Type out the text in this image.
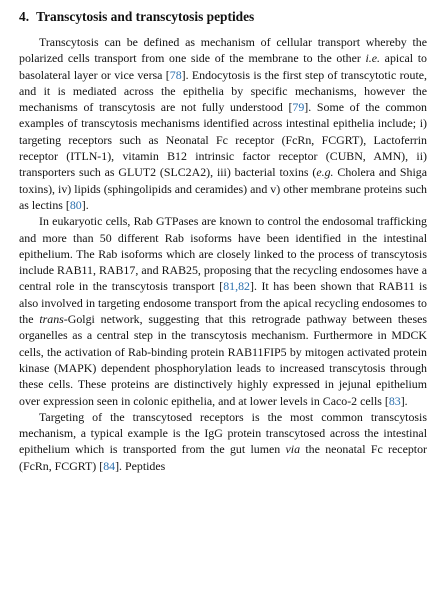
4. Transcytosis and transcytosis peptides

Transcytosis can be defined as mechanism of cellular transport whereby the polarized cells transport from one side of the membrane to the other i.e. apical to basolateral layer or vice versa [78]. Endocytosis is the first step of transcytotic route, and it is mediated across the epithelia by specific mechanisms, however the mechanisms of transcytosis are not fully understood [79]. Some of the common examples of transcytosis mechanisms identified across intestinal epithelia include; i) targeting receptors such as Neonatal Fc receptor (FcRn, FCGRT), Lactoferrin receptor (ITLN-1), vitamin B12 intrinsic factor receptor (CUBN, AMN), ii) transporters such as GLUT2 (SLC2A2), iii) bacterial toxins (e.g. Cholera and Shiga toxins), iv) lipids (sphingolipids and ceramides) and v) other membrane proteins such as lectins [80].

In eukaryotic cells, Rab GTPases are known to control the endosomal trafficking and more than 50 different Rab isoforms have been identified in the intestinal epithelium. The Rab isoforms which are closely linked to the process of transcytosis include RAB11, RAB17, and RAB25, proposing that the recycling endosomes have a central role in the transcytosis transport [81,82]. It has been shown that RAB11 is also involved in targeting endosome transport from the apical recycling endosomes to the trans-Golgi network, suggesting that this retrograde pathway between theses organelles as a central step in the transcytosis mechanism. Furthermore in MDCK cells, the activation of Rab-binding protein RAB11FIP5 by mitogen activated protein kinase (MAPK) dependent phosphorylation leads to increased transcytosis through these cells. These proteins are distinctively highly expressed in jejunal epithelium over expression seen in colonic epithelia, and at lower levels in Caco-2 cells [83].

Targeting of the transcytosed receptors is the most common transcytosis mechanism, a typical example is the IgG protein transcytosed across the intestinal epithelium which is transported from the gut lumen via the neonatal Fc receptor (FcRn, FCGRT) [84]. Peptides
